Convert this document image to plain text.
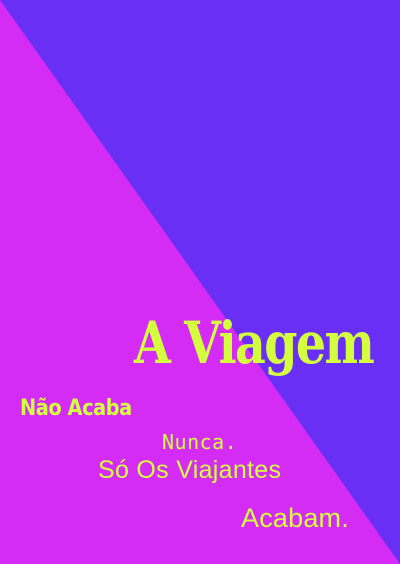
A Viagem
Não Acaba
Nunca.
Só Os Viajantes
Acabam.
